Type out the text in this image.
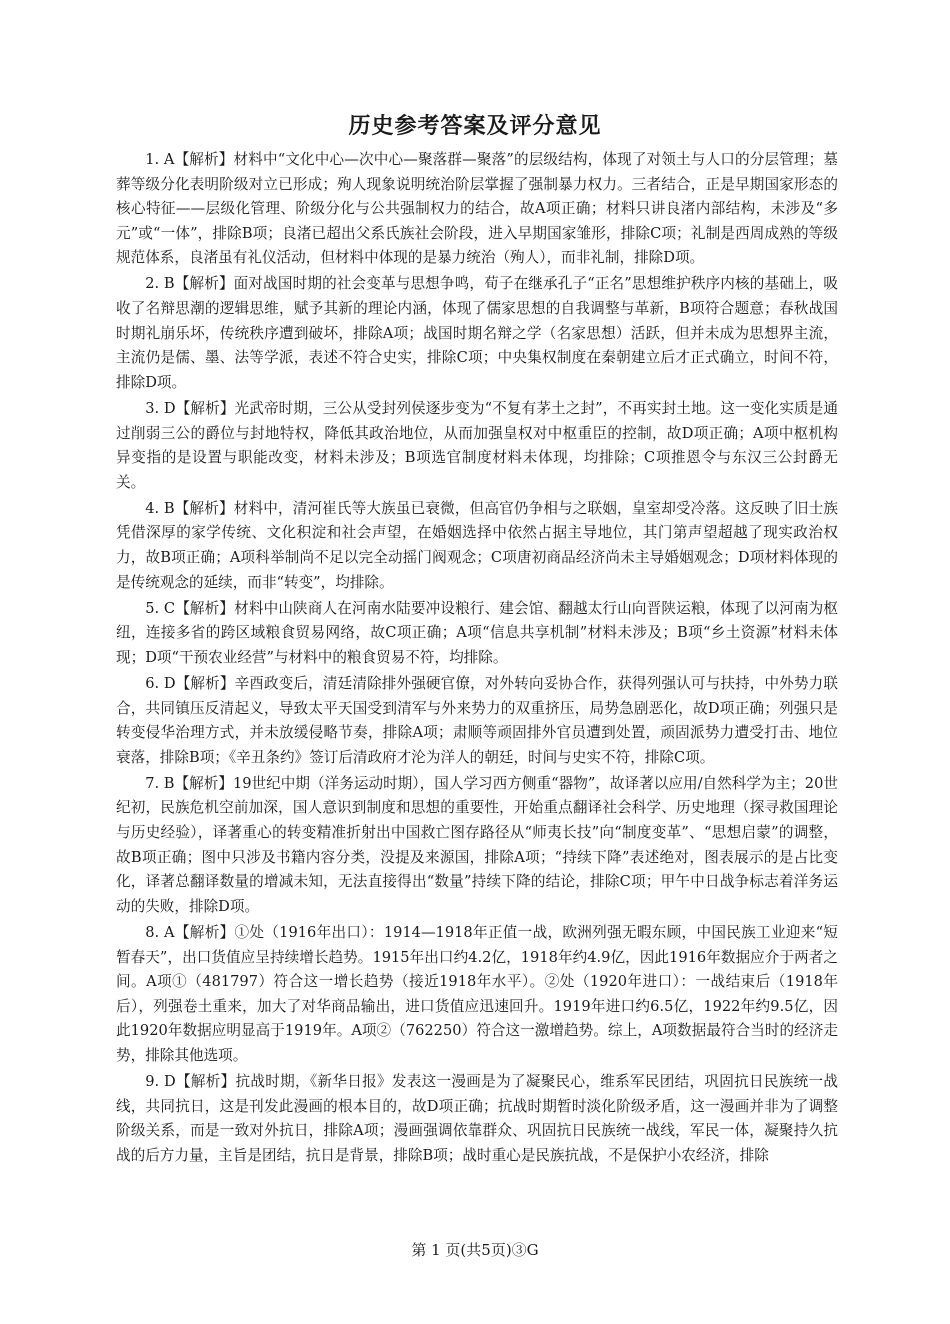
历史参考答案及评分意见

1. A【解析】材料中“文化中心—次中心—聚落群—聚落”的层级结构，体现了对领土与人口的分层管理；墓葬等级分化表明阶级对立已形成；殉人现象说明统治阶层掌握了强制暴力权力。三者结合，正是早期国家形态的核心特征——层级化管理、阶级分化与公共强制权力的结合，故A项正确；材料只讲良渚内部结构，未涉及“多元”或“一体”，排除B项；良渚已超出父系氏族社会阶段，进入早期国家雏形，排除C项；礼制是西周成熟的等级规范体系，良渚虽有礼仪活动，但材料中体现的是暴力统治（殉人），而非礼制，排除D项。

2. B【解析】面对战国时期的社会变革与思想争鸣，荀子在继承孔子“正名”思想维护秩序内核的基础上，吸收了名辩思潮的逻辑思维，赋予其新的理论内涵，体现了儒家思想的自我调整与革新，B项符合题意；春秋战国时期礼崩乐坏，传统秩序遭到破坏，排除A项；战国时期名辩之学（名家思想）活跃，但并未成为思想界主流，主流仍是儒、墨、法等学派，表述不符合史实，排除C项；中央集权制度在秦朝建立后才正式确立，时间不符，排除D项。

3. D【解析】光武帝时期，三公从受封列侯逐步变为“不复有茅土之封”，不再实封土地。这一变化实质是通过削弱三公的爵位与封地特权，降低其政治地位，从而加强皇权对中枢重臣的控制，故D项正确；A项中枢机构异变指的是设置与职能改变，材料未涉及；B项选官制度材料未体现，均排除；C项推恩令与东汉三公封爵无关。

4. B【解析】材料中，清河崔氏等大族虽已衰微，但高官仍争相与之联姻，皇室却受冷落。这反映了旧士族凭借深厚的家学传统、文化积淀和社会声望，在婚姻选择中依然占据主导地位，其门第声望超越了现实政治权力，故B项正确；A项科举制尚不足以完全动摇门阀观念；C项唐初商品经济尚未主导婚姻观念；D项材料体现的是传统观念的延续，而非“转变”，均排除。

5. C【解析】材料中山陕商人在河南水陆要冲设粮行、建会馆、翻越太行山向晋陕运粮，体现了以河南为枢纽，连接多省的跨区域粮食贸易网络，故C项正确；A项“信息共享机制”材料未涉及；B项“乡土资源”材料未体现；D项“干预农业经营”与材料中的粮食贸易不符，均排除。

6. D【解析】辛酉政变后，清廷清除排外强硬官僚，对外转向妥协合作，获得列强认可与扶持，中外势力联合，共同镇压反清起义，导致太平天国受到清军与外来势力的双重挤压，局势急剧恶化，故D项正确；列强只是转变侵华治理方式，并未放缓侵略节奏，排除A项；肃顺等顽固排外官员遭到处置，顽固派势力遭受打击、地位衰落，排除B项；《辛丑条约》签订后清政府才沦为洋人的朝廷，时间与史实不符，排除C项。

7. B【解析】19世纪中期（洋务运动时期），国人学习西方侧重“器物”，故译著以应用/自然科学为主；20世纪初，民族危机空前加深，国人意识到制度和思想的重要性，开始重点翻译社会科学、历史地理（探寻救国理论与历史经验），译著重心的转变精准折射出中国救亡图存路径从“师夷长技”向“制度变革”、“思想启蒙”的调整，故B项正确；图中只涉及书籍内容分类，没提及来源国，排除A项；“持续下降”表述绝对，图表展示的是占比变化，译著总翻译数量的增减未知，无法直接得出“数量”持续下降的结论，排除C项；甲午中日战争标志着洋务运动的失败，排除D项。

8. A【解析】①处（1916年出口）：1914—1918年正值一战，欧洲列强无暇东顾，中国民族工业迎来“短暂春天”，出口货值应呈持续增长趋势。1915年出口约4.2亿，1918年约4.9亿，因此1916年数据应介于两者之间。A项①（481797）符合这一增长趋势（接近1918年水平）。②处（1920年进口）：一战结束后（1918年后），列强卷土重来，加大了对华商品输出，进口货值应迅速回升。1919年进口约6.5亿，1922年约9.5亿，因此1920年数据应明显高于1919年。A项②（762250）符合这一激增趋势。综上，A项数据最符合当时的经济走势，排除其他选项。

9. D【解析】抗战时期，《新华日报》发表这一漫画是为了凝聚民心，维系军民团结，巩固抗日民族统一战线，共同抗日，这是刊发此漫画的根本目的，故D项正确；抗战时期暂时淡化阶级矛盾，这一漫画并非为了调整阶级关系，而是一致对外抗日，排除A项；漫画强调依靠群众、巩固抗日民族统一战线，军民一体，凝聚持久抗战的后方力量，主旨是团结，抗日是背景，排除B项；战时重心是民族抗战，不是保护小农经济，排除

第 1 页(共5页)③G
